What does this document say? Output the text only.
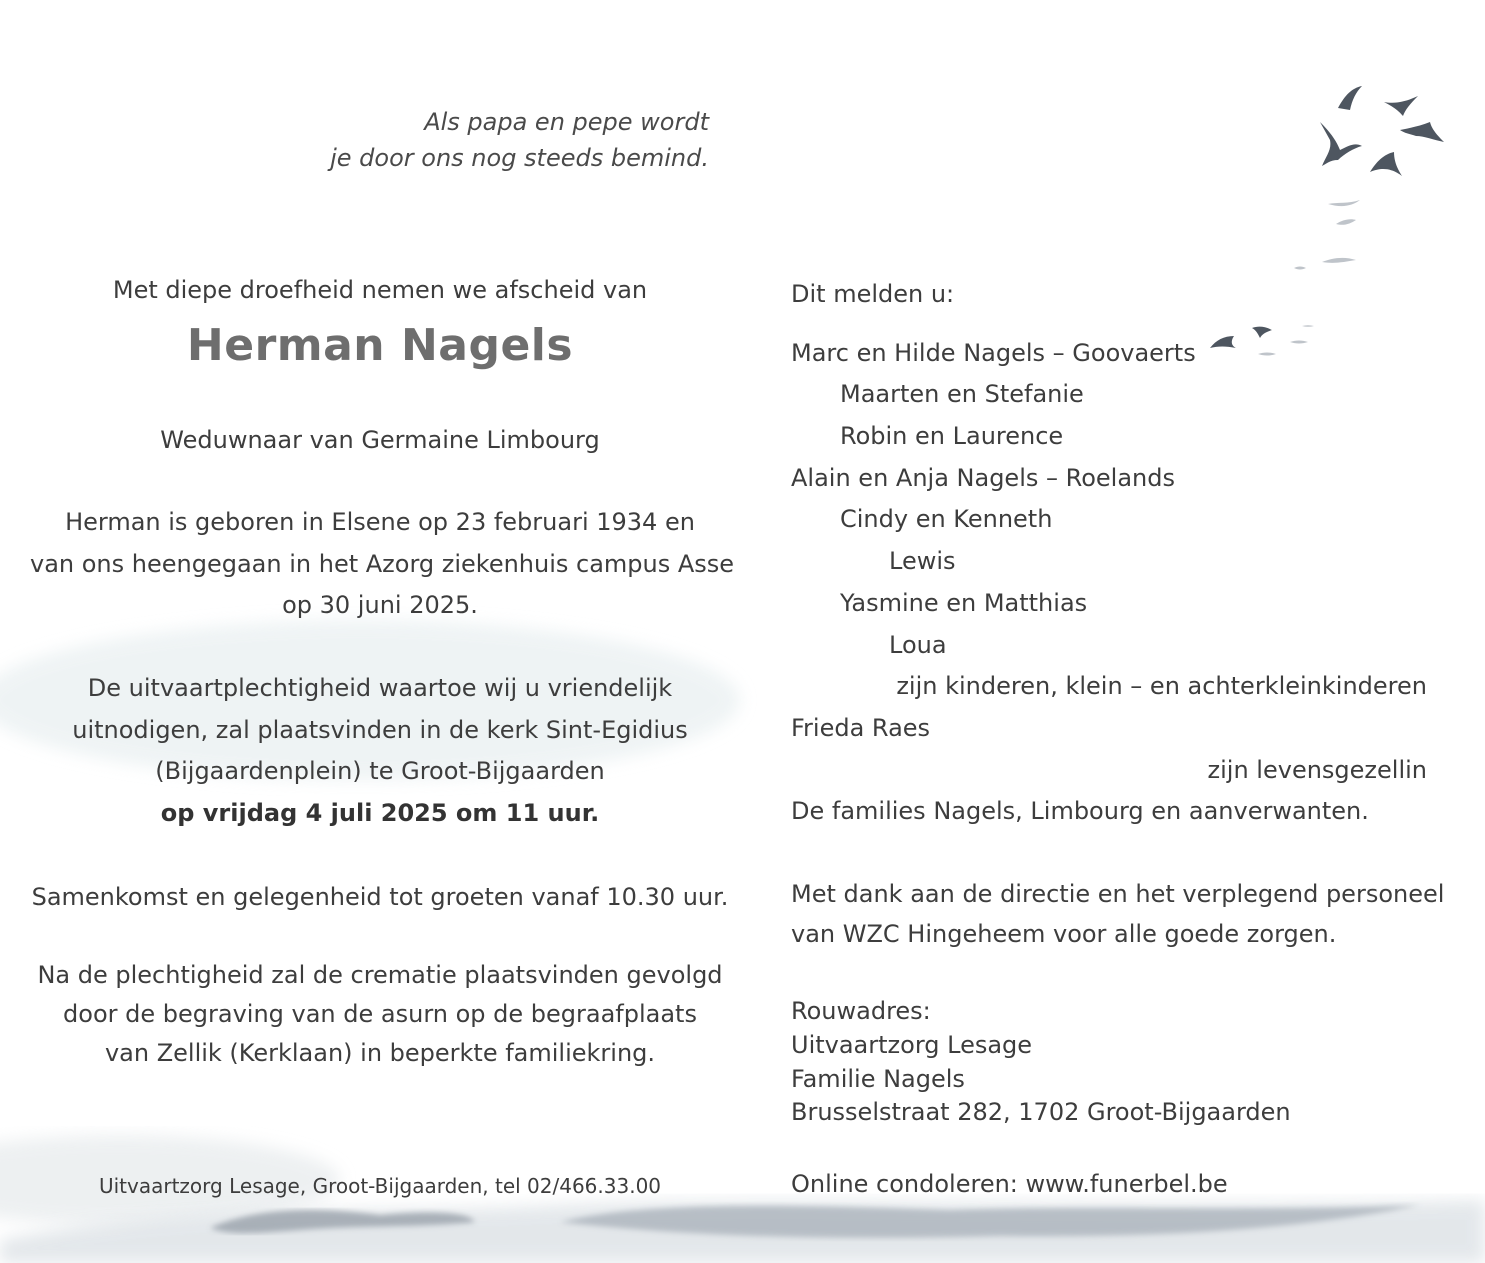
Als papa en pepe wordt
je door ons nog steeds bemind.
Met diepe droefheid nemen we afscheid van
Herman Nagels
Weduwnaar van Germaine Limbourg
Herman is geboren in Elsene op 23 februari 1934 en
van ons heengegaan in het Azorg ziekenhuis campus Asse
op 30 juni 2025.
De uitvaartplechtigheid waartoe wij u vriendelijk
uitnodigen, zal plaatsvinden in de kerk Sint-Egidius
(Bijgaardenplein) te Groot-Bijgaarden
op vrijdag 4 juli 2025 om 11 uur.
Samenkomst en gelegenheid tot groeten vanaf 10.30 uur.
Na de plechtigheid zal de crematie plaatsvinden gevolgd
door de begraving van de asurn op de begraafplaats
van Zellik (Kerklaan) in beperkte familiekring.
Uitvaartzorg Lesage, Groot-Bijgaarden, tel 02/466.33.00
Dit melden u:
Marc en Hilde Nagels – Goovaerts
Maarten en Stefanie
Robin en Laurence
Alain en Anja Nagels – Roelands
Cindy en Kenneth
Lewis
Yasmine en Matthias
Loua
zijn kinderen, klein – en achterkleinkinderen
Frieda Raes
zijn levensgezellin
De families Nagels, Limbourg en aanverwanten.
Met dank aan de directie en het verplegend personeel
van WZC Hingeheem voor alle goede zorgen.
Rouwadres:
Uitvaartzorg Lesage
Familie Nagels
Brusselstraat 282, 1702 Groot-Bijgaarden
Online condoleren: www.funerbel.be
